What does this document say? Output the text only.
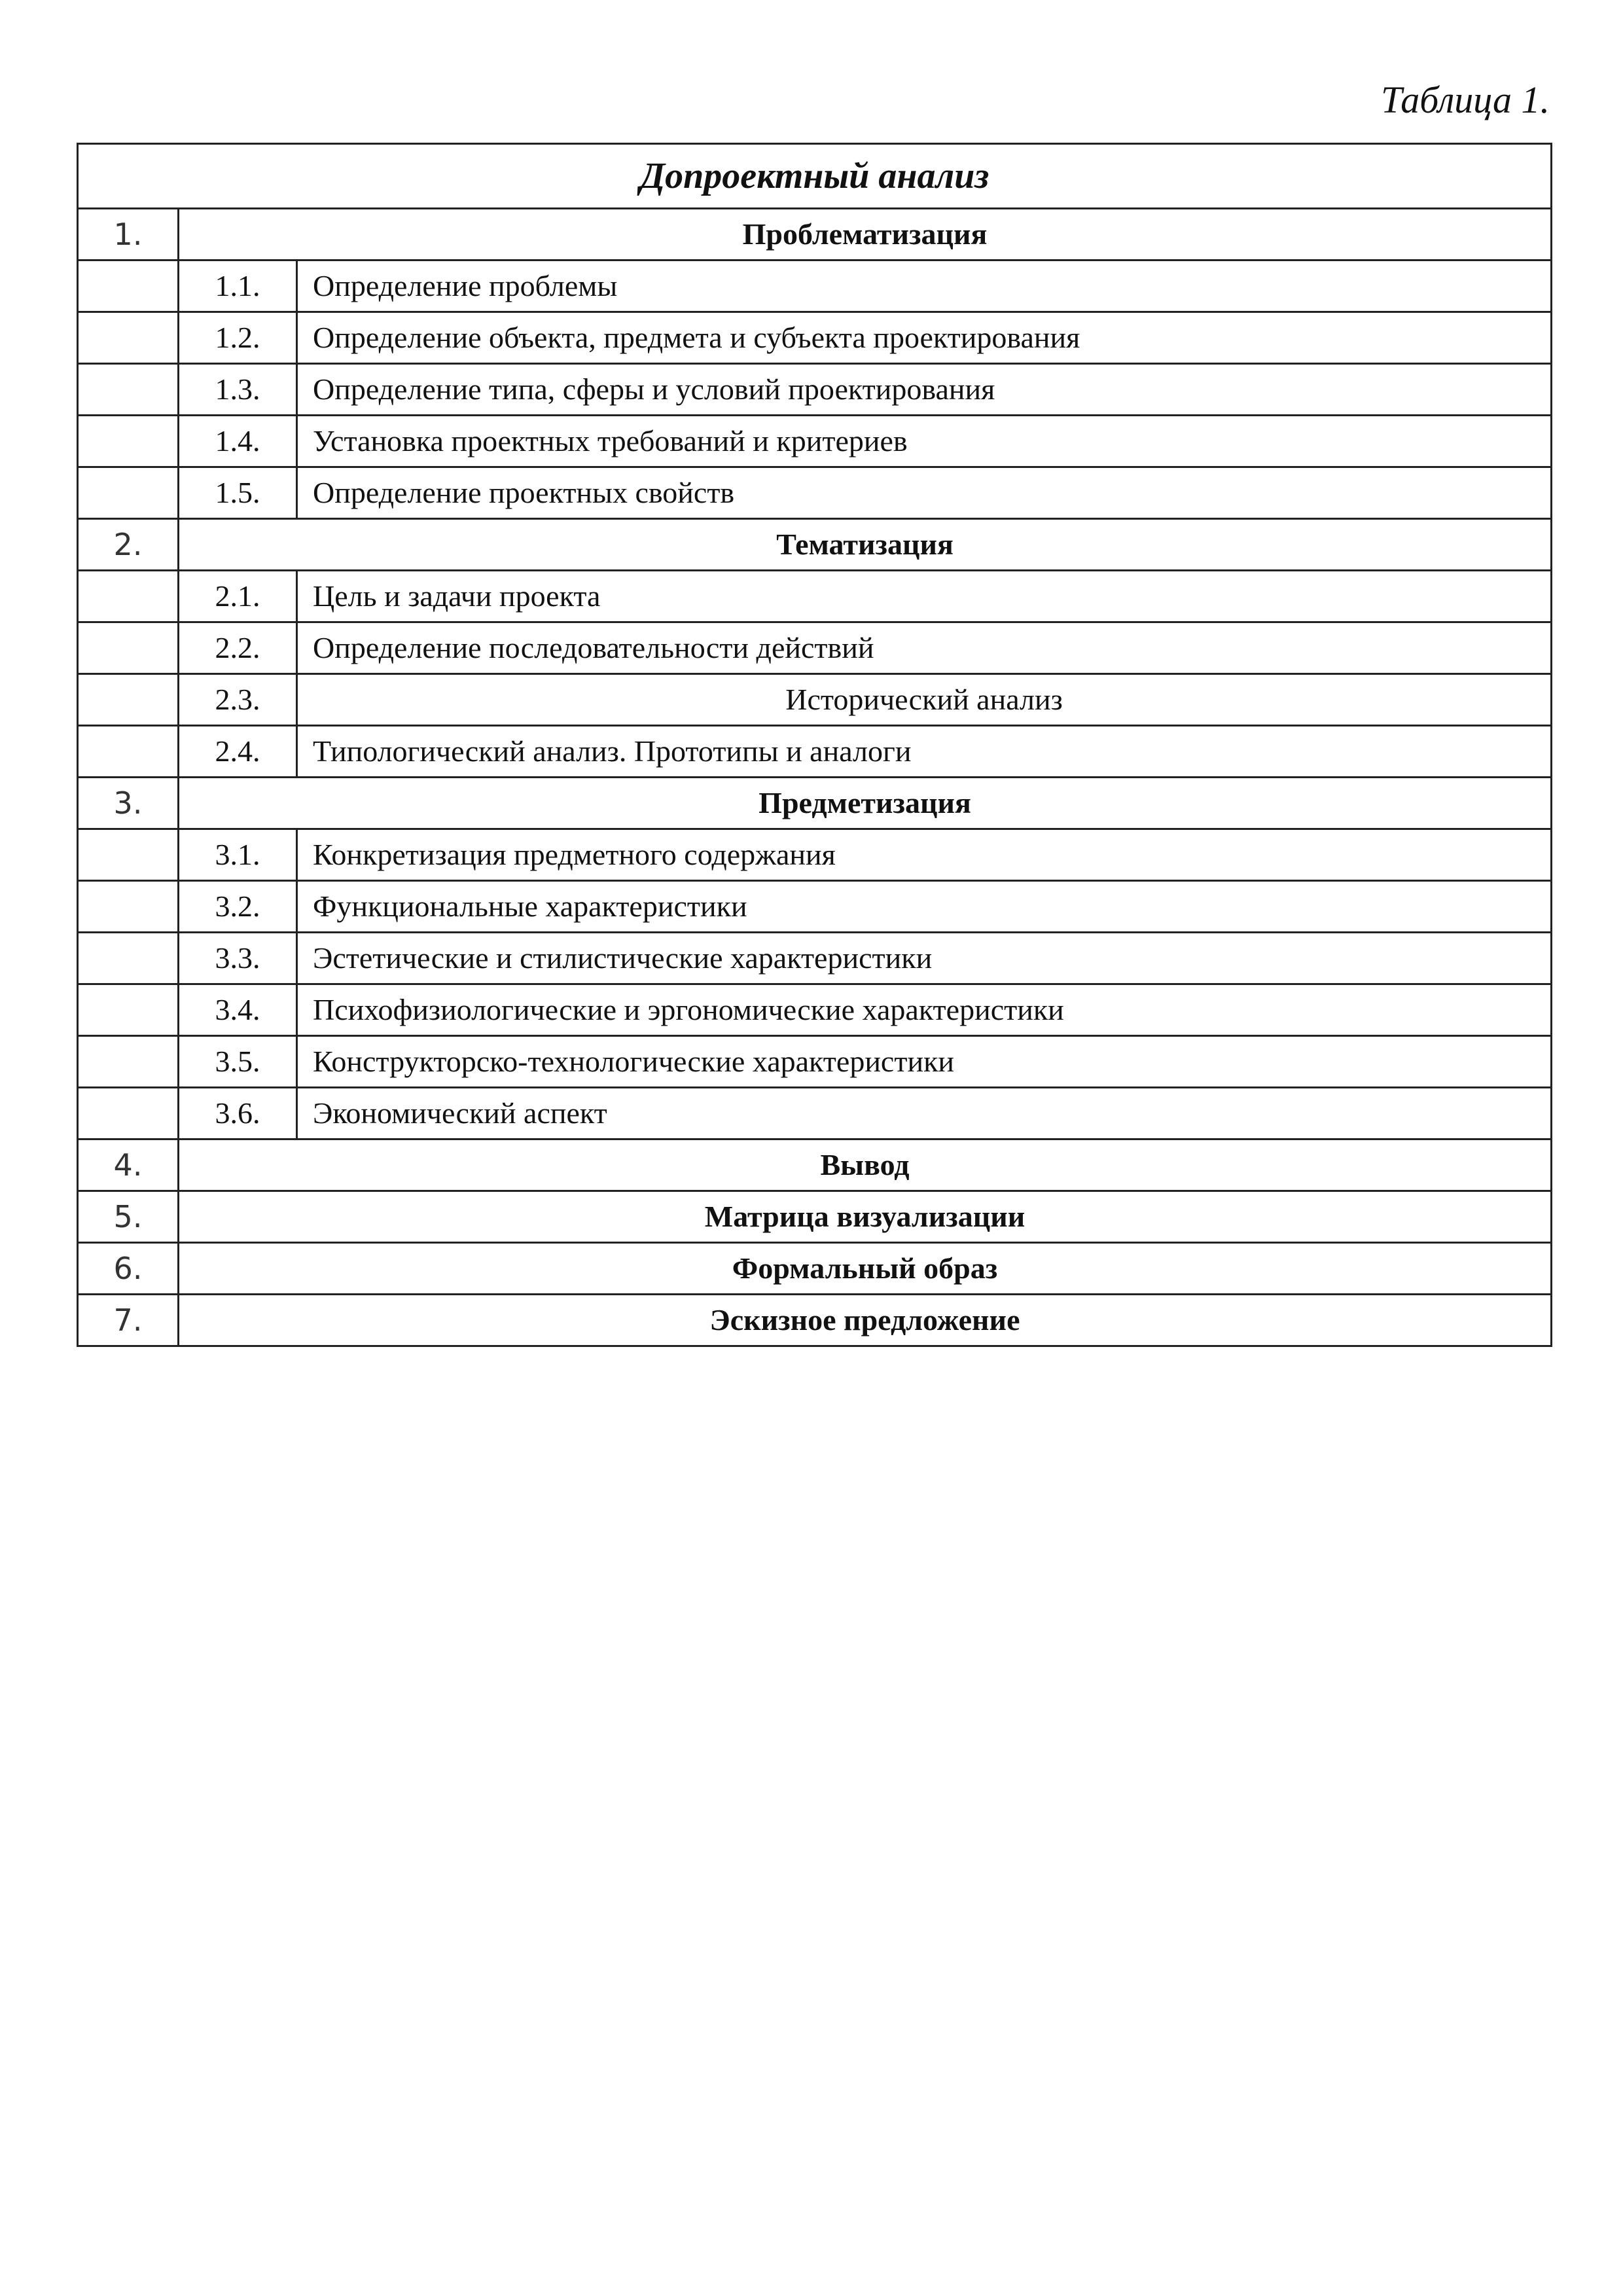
Таблица 1.
Допроектный анализ		
1.	Проблематизация	
	1.1.	Определение проблемы
	1.2.	Определение объекта, предмета и субъекта проектирования
	1.3.	Определение типа, сферы и условий проектирования
	1.4.	Установка проектных требований и критериев
	1.5.	Определение проектных свойств
2.	Тематизация	
	2.1.	Цель и задачи проекта
	2.2.	Определение последовательности действий
	2.3.	Исторический анализ
	2.4.	Типологический анализ. Прототипы и аналоги
3.	Предметизация	
	3.1.	Конкретизация предметного содержания
	3.2.	Функциональные характеристики
	3.3.	Эстетические и стилистические характеристики
	3.4.	Психофизиологические и эргономические характеристики
	3.5.	Конструкторско-технологические характеристики
	3.6.	Экономический аспект
4.	Вывод	
5.	Матрица визуализации	
6.	Формальный образ	
7.	Эскизное предложение	
